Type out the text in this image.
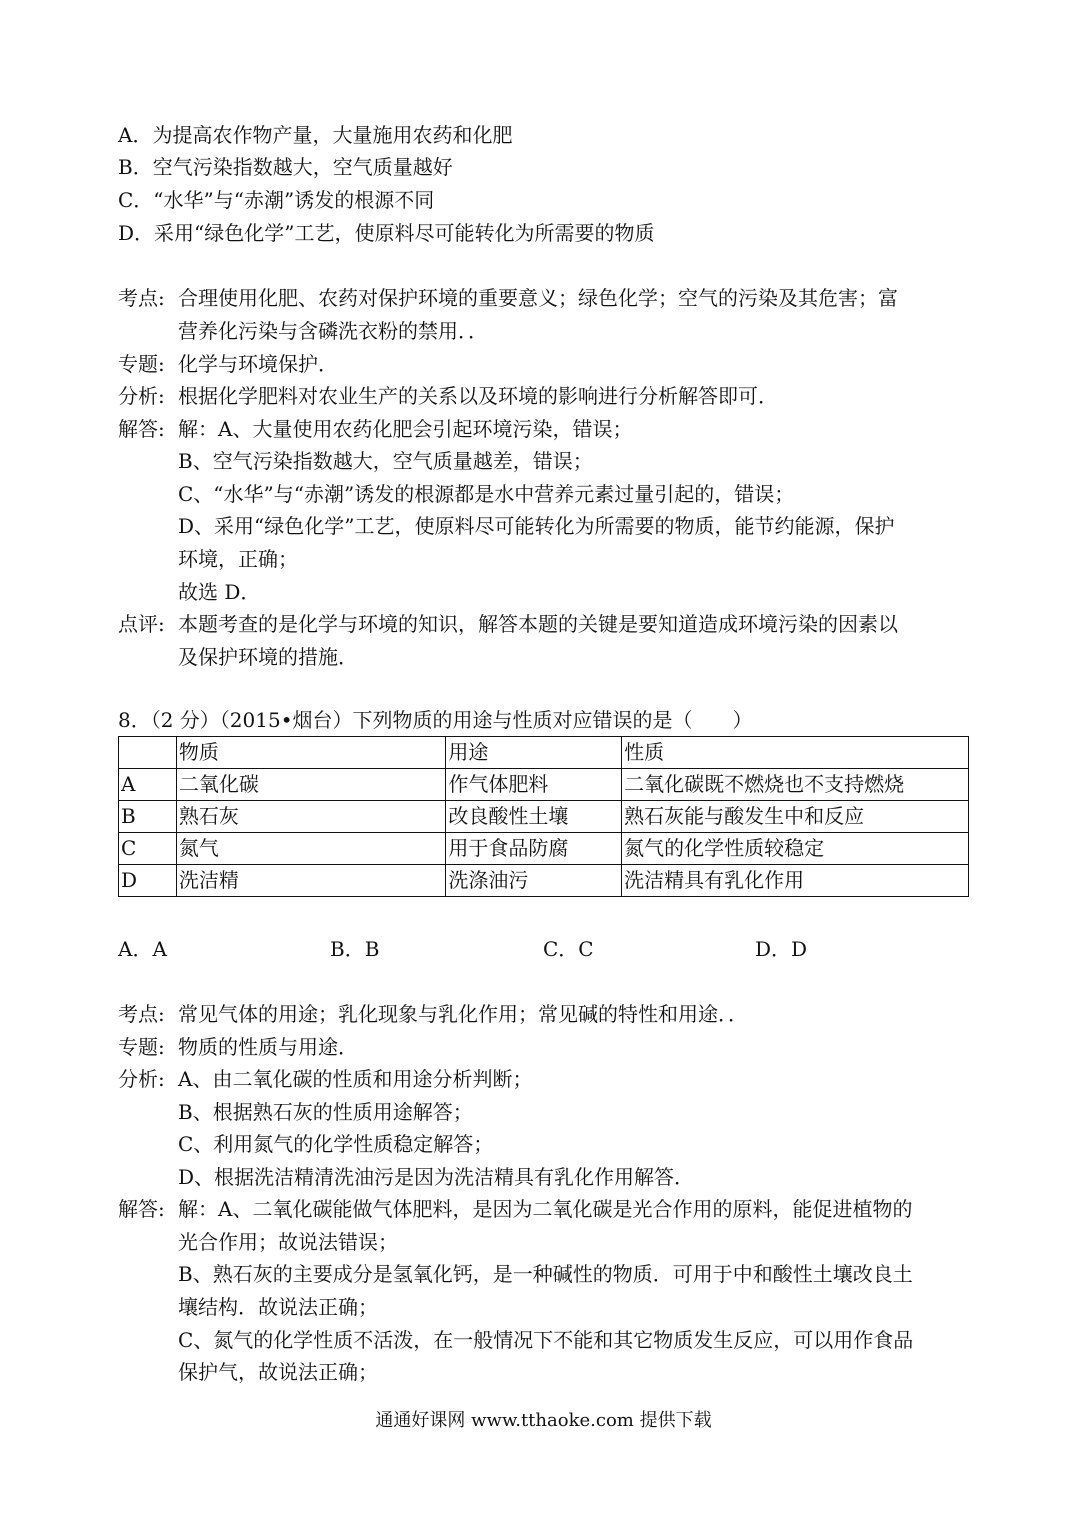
A．为提高农作物产量，大量施用农药和化肥
B．空气污染指数越大，空气质量越好
C．“水华”与“赤潮”诱发的根源不同
D．采用“绿色化学”工艺，使原料尽可能转化为所需要的物质
考点: 合理使用化肥、农药对保护环境的重要意义；绿色化学；空气的污染及其危害；富
营养化污染与含磷洗衣粉的禁用．．
专题: 化学与环境保护．
分析: 根据化学肥料对农业生产的关系以及环境的影响进行分析解答即可．
解答: 解：A、大量使用农药化肥会引起环境污染，错误；
B、空气污染指数越大，空气质量越差，错误；
C、“水华”与“赤潮”诱发的根源都是水中营养元素过量引起的，错误；
D、采用“绿色化学”工艺，使原料尽可能转化为所需要的物质，能节约能源，保护
环境，正确；
故选 D．
点评: 本题考查的是化学与环境的知识，解答本题的关键是要知道造成环境污染的因素以
及保护环境的措施．
8．（2 分）（2015•烟台）下列物质的用途与性质对应错误的是（　　）
	物质	用途	性质
A	二氧化碳	作气体肥料	二氧化碳既不燃烧也不支持燃烧
B	熟石灰	改良酸性土壤	熟石灰能与酸发生中和反应
C	氮气	用于食品防腐	氮气的化学性质较稳定
D	洗洁精	洗涤油污	洗洁精具有乳化作用
A．A	B．B	C．C	D．D
考点: 常见气体的用途；乳化现象与乳化作用；常见碱的特性和用途．．
专题: 物质的性质与用途．
分析: A、由二氧化碳的性质和用途分析判断；
B、根据熟石灰的性质用途解答；
C、利用氮气的化学性质稳定解答；
D、根据洗洁精清洗油污是因为洗洁精具有乳化作用解答．
解答: 解：A、二氧化碳能做气体肥料，是因为二氧化碳是光合作用的原料，能促进植物的
光合作用；故说法错误；
B、熟石灰的主要成分是氢氧化钙，是一种碱性的物质．可用于中和酸性土壤改良土
壤结构．故说法正确；
C、氮气的化学性质不活泼，在一般情况下不能和其它物质发生反应，可以用作食品
保护气，故说法正确；
通通好课网 www.tthaoke.com 提供下载
